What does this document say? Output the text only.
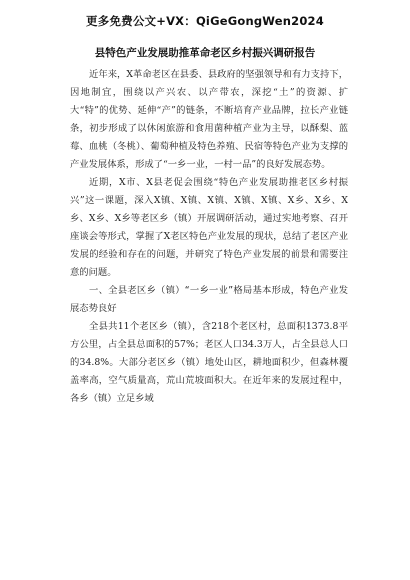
更多免费公文+VX：QiGeGongWen2024
县特色产业发展助推革命老区乡村振兴调研报告

近年来，X革命老区在县委、县政府的坚强领导和有力支持下，因地制宜，围绕以产兴农、以产带农，深挖“土”的资源、扩大“特”的优势、延伸“产”的链条，不断培育产业品牌，拉长产业链条，初步形成了以休闲旅游和食用菌种植产业为主导，以酥梨、蓝莓、血桃（冬桃）、葡萄种植及特色养殖、民宿等特色产业为支撑的产业发展体系，形成了“一乡一业，一村一品”的良好发展态势。

近期，X市、X县老促会围绕“特色产业发展助推老区乡村振兴”这一课题，深入X镇、X镇、X镇、X镇、X镇、X乡、X乡、X乡、X乡、X乡等老区乡（镇）开展调研活动，通过实地考察、召开座谈会等形式，掌握了X老区特色产业发展的现状，总结了老区产业发展的经验和存在的问题，并研究了特色产业发展的前景和需要注意的问题。

一、全县老区乡（镇）“一乡一业”格局基本形成，特色产业发展态势良好

全县共11个老区乡（镇），含218个老区村，总面积1373.8平方公里，占全县总面积的57%；老区人口34.3万人，占全县总人口的34.8%。大部分老区乡（镇）地处山区，耕地面积少，但森林覆盖率高，空气质量高，荒山荒坡面积大。在近年来的发展过程中，各乡（镇）立足乡域
